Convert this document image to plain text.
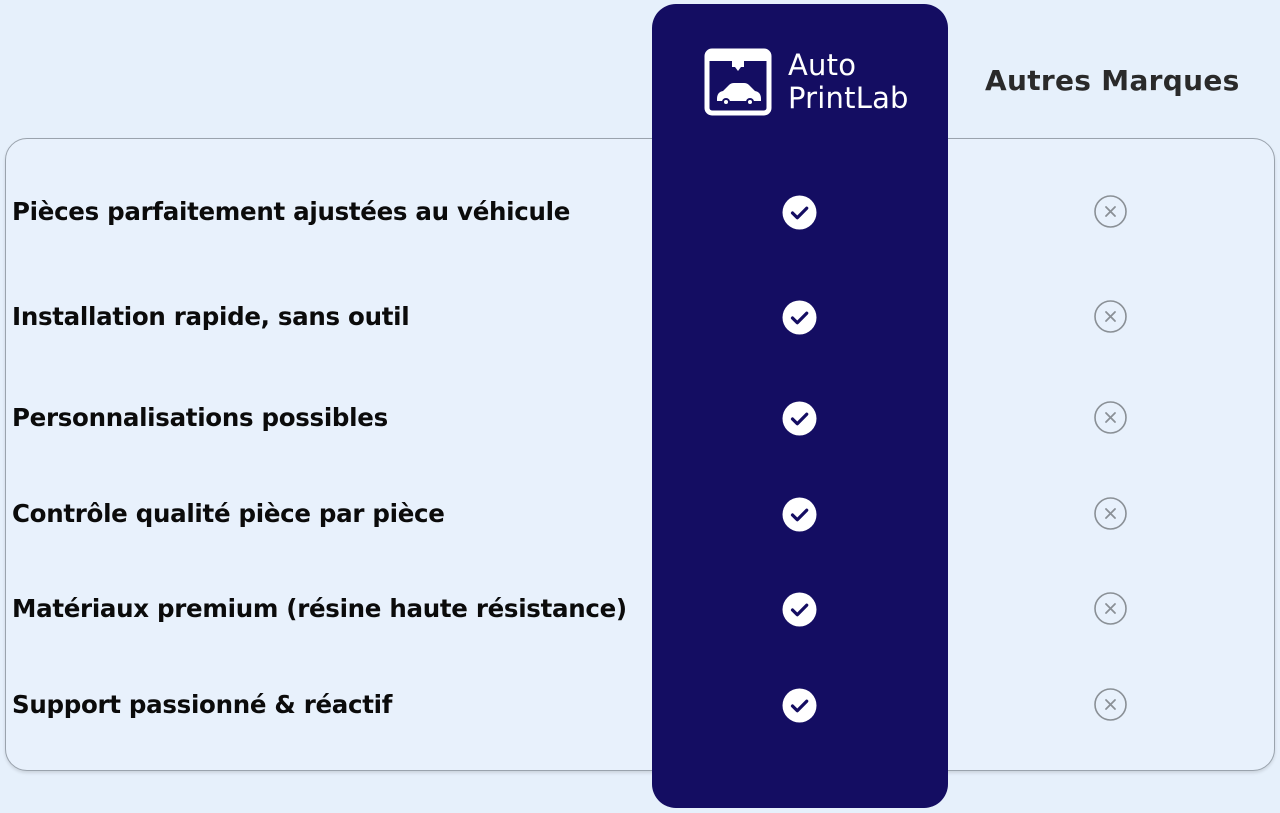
Auto
PrintLab
Autres Marques
Pièces parfaitement ajustées au véhicule
Installation rapide, sans outil
Personnalisations possibles
Contrôle qualité pièce par pièce
Matériaux premium (résine haute résistance)
Support passionné & réactif
